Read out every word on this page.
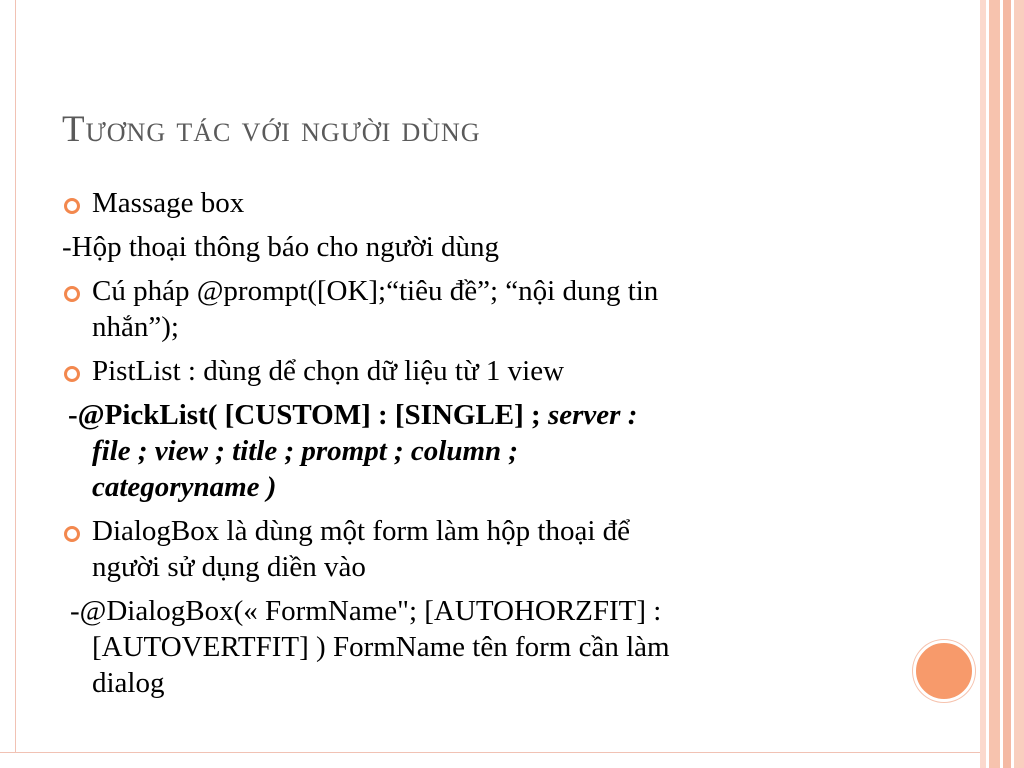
Tương tác với người dùng
Massage box
-Hộp thoại thông báo cho người dùng
Cú pháp @prompt([OK];“tiêu đề”; “nội dung tin
nhắn”);
PistList : dùng dể chọn dữ liệu từ 1 view
-@PickList( [CUSTOM] : [SINGLE] ; server :
file ; view ; title ; prompt ; column ;
categoryname )
DialogBox là dùng một form làm hộp thoại để
người sử dụng diền vào
-@DialogBox(« FormName"; [AUTOHORZFIT] :
[AUTOVERTFIT] ) FormName tên form cần làm
dialog
